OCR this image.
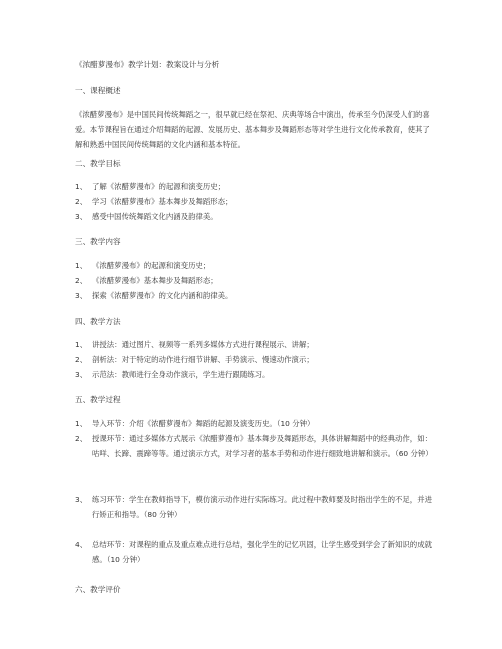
《浓醋萝漫布》教学计划：教案设计与分析
一、课程概述
《浓醋萝漫布》是中国民间传统舞蹈之一，很早就已经在祭祀、庆典等场合中演出，传承至今仍深受人们的喜爱。本节课程旨在通过介绍舞蹈的起源、发展历史、基本舞步及舞蹈形态等对学生进行文化传承教育，使其了解和熟悉中国民间传统舞蹈的文化内涵和基本特征。
二、教学目标
1、 了解《浓醋萝漫布》的起源和演变历史；
2、 学习《浓醋萝漫布》基本舞步及舞蹈形态；
3、 感受中国传统舞蹈文化内涵及韵律美。
三、教学内容
1、 《浓醋萝漫布》的起源和演变历史；
2、 《浓醋萝漫布》基本舞步及舞蹈形态；
3、 探索《浓醋萝漫布》的文化内涵和韵律美。
四、教学方法
1、 讲授法：通过图片、视频等一系列多媒体方式进行课程展示、讲解；
2、 剖析法：对于特定的动作进行细节讲解、手势演示、慢速动作演示；
3、 示范法：教师进行全身动作演示，学生进行跟随练习。
五、教学过程
1、 导入环节：介绍《浓醋萝漫布》舞蹈的起源及演变历史。（10 分钟）
2、 授课环节：通过多媒体方式展示《浓醋萝漫布》基本舞步及舞蹈形态，具体讲解舞蹈中的经典动作，如：咕咩、长蹄、震蹄等等。通过演示方式，对学习者的基本手势和动作进行细致地讲解和演示。（60 分钟）
3、 练习环节：学生在教师指导下，模仿演示动作进行实际练习。此过程中教师要及时指出学生的不足，并进行矫正和指导。（80 分钟）
4、 总结环节：对课程的重点及重点难点进行总结，强化学生的记忆巩固，让学生感受到学会了新知识的成就感。（10 分钟）
六、教学评价
